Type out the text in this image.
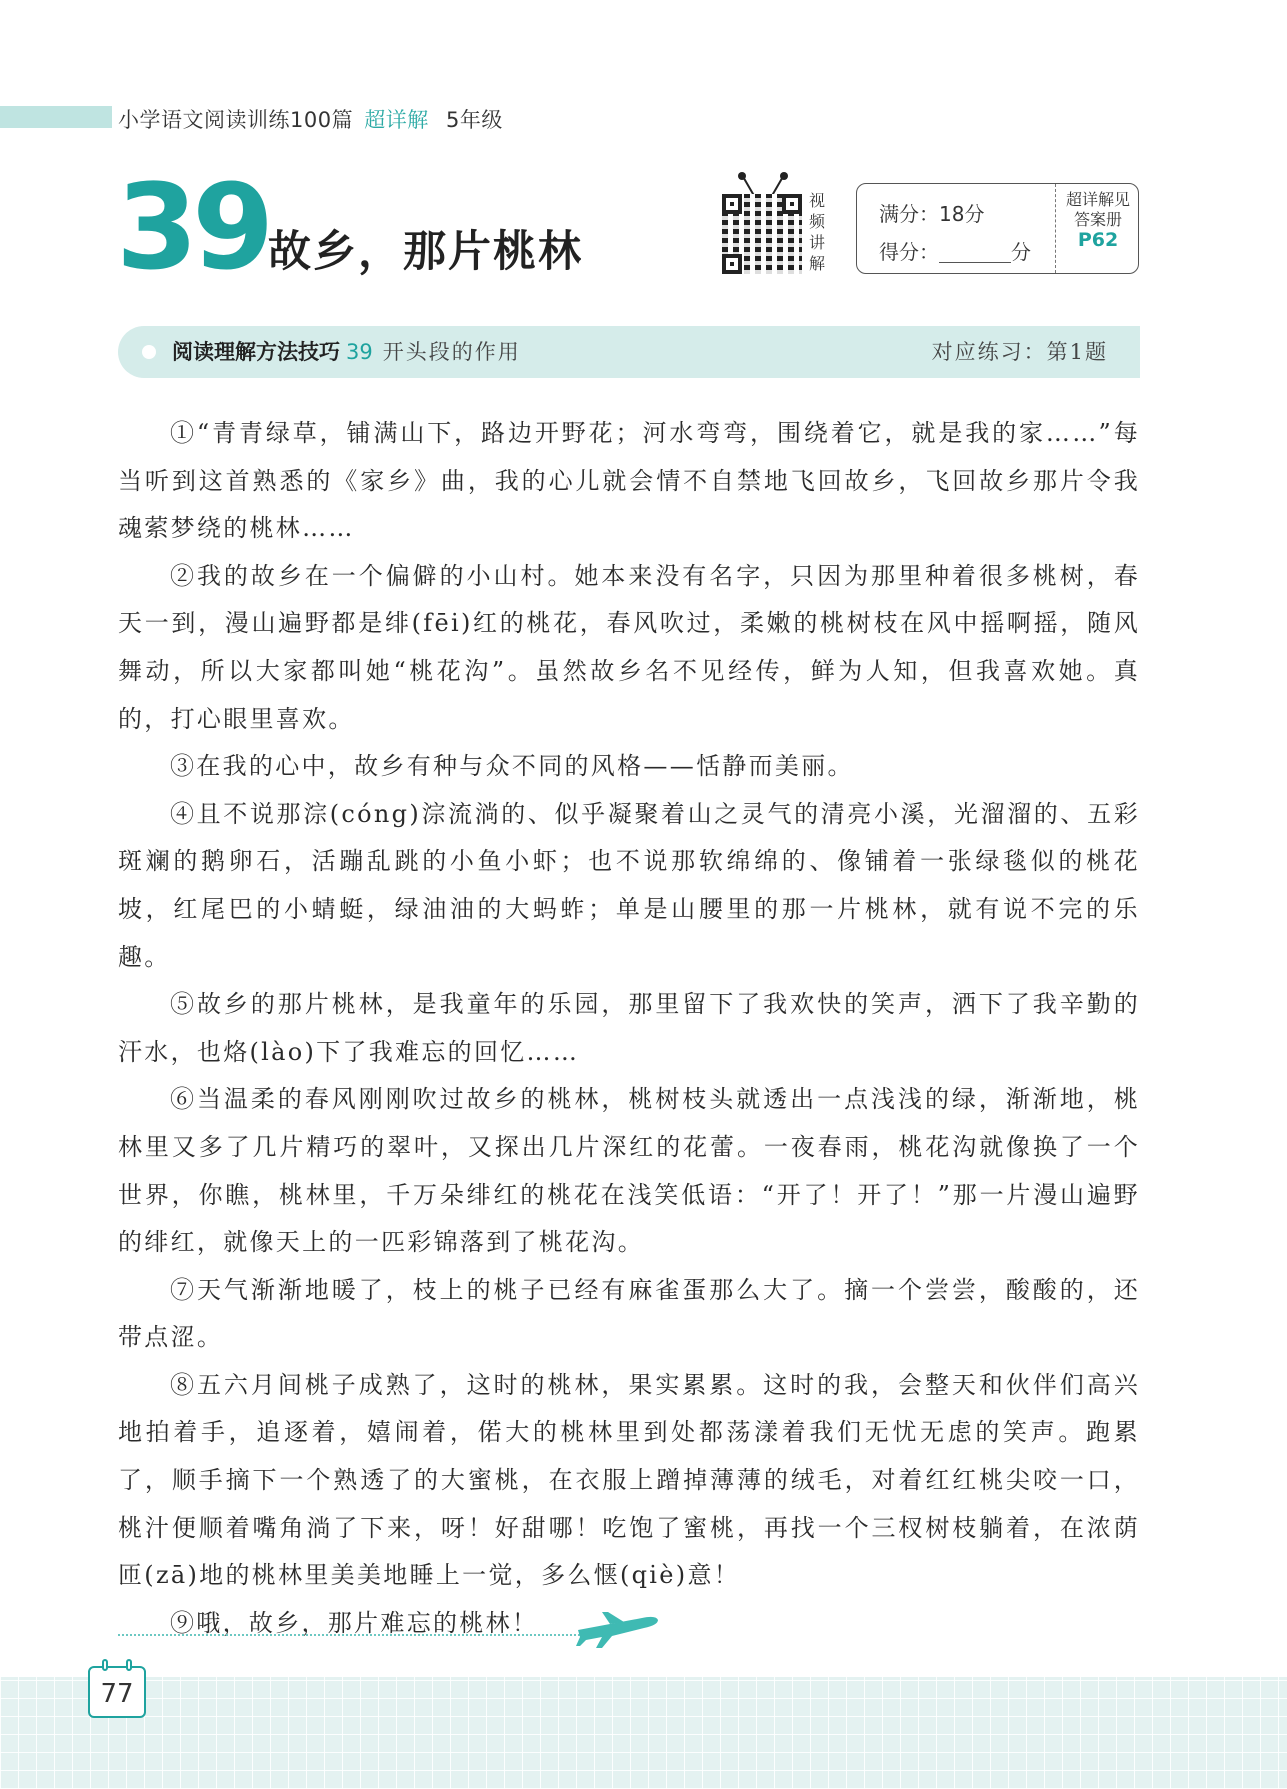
小学语文阅读训练100篇 超详解 5年级
39 故乡，那片桃林
视
频
讲
解
满分：18分
得分：	分
超详解见
答案册
P62
阅读理解方法技巧 39 开头段的作用	对应练习：第1题

①“青青绿草，铺满山下，路边开野花；河水弯弯，围绕着它，就是我的家……”每当听到这首熟悉的《家乡》曲，我的心儿就会情不自禁地飞回故乡，飞回故乡那片令我魂萦梦绕的桃林……

②我的故乡在一个偏僻的小山村。她本来没有名字，只因为那里种着很多桃树，春天一到，漫山遍野都是绯(fēi)红的桃花，春风吹过，柔嫩的桃树枝在风中摇啊摇，随风舞动，所以大家都叫她“桃花沟”。虽然故乡名不见经传，鲜为人知，但我喜欢她。真的，打心眼里喜欢。

③在我的心中，故乡有种与众不同的风格——恬静而美丽。

④且不说那淙(cóng)淙流淌的、似乎凝聚着山之灵气的清亮小溪，光溜溜的、五彩斑斓的鹅卵石，活蹦乱跳的小鱼小虾；也不说那软绵绵的、像铺着一张绿毯似的桃花坡，红尾巴的小蜻蜓，绿油油的大蚂蚱；单是山腰里的那一片桃林，就有说不完的乐趣。

⑤故乡的那片桃林，是我童年的乐园，那里留下了我欢快的笑声，洒下了我辛勤的汗水，也烙(lào)下了我难忘的回忆……

⑥当温柔的春风刚刚吹过故乡的桃林，桃树枝头就透出一点浅浅的绿，渐渐地，桃林里又多了几片精巧的翠叶，又探出几片深红的花蕾。一夜春雨，桃花沟就像换了一个世界，你瞧，桃林里，千万朵绯红的桃花在浅笑低语：“开了！开了！”那一片漫山遍野的绯红，就像天上的一匹彩锦落到了桃花沟。

⑦天气渐渐地暖了，枝上的桃子已经有麻雀蛋那么大了。摘一个尝尝，酸酸的，还带点涩。

⑧五六月间桃子成熟了，这时的桃林，果实累累。这时的我，会整天和伙伴们高兴地拍着手，追逐着，嬉闹着，偌大的桃林里到处都荡漾着我们无忧无虑的笑声。跑累了，顺手摘下一个熟透了的大蜜桃，在衣服上蹭掉薄薄的绒毛，对着红红桃尖咬一口，桃汁便顺着嘴角淌了下来，呀！好甜哪！吃饱了蜜桃，再找一个三杈树枝躺着，在浓荫匝(zā)地的桃林里美美地睡上一觉，多么惬(qiè)意！

⑨哦，故乡，那片难忘的桃林！

77
